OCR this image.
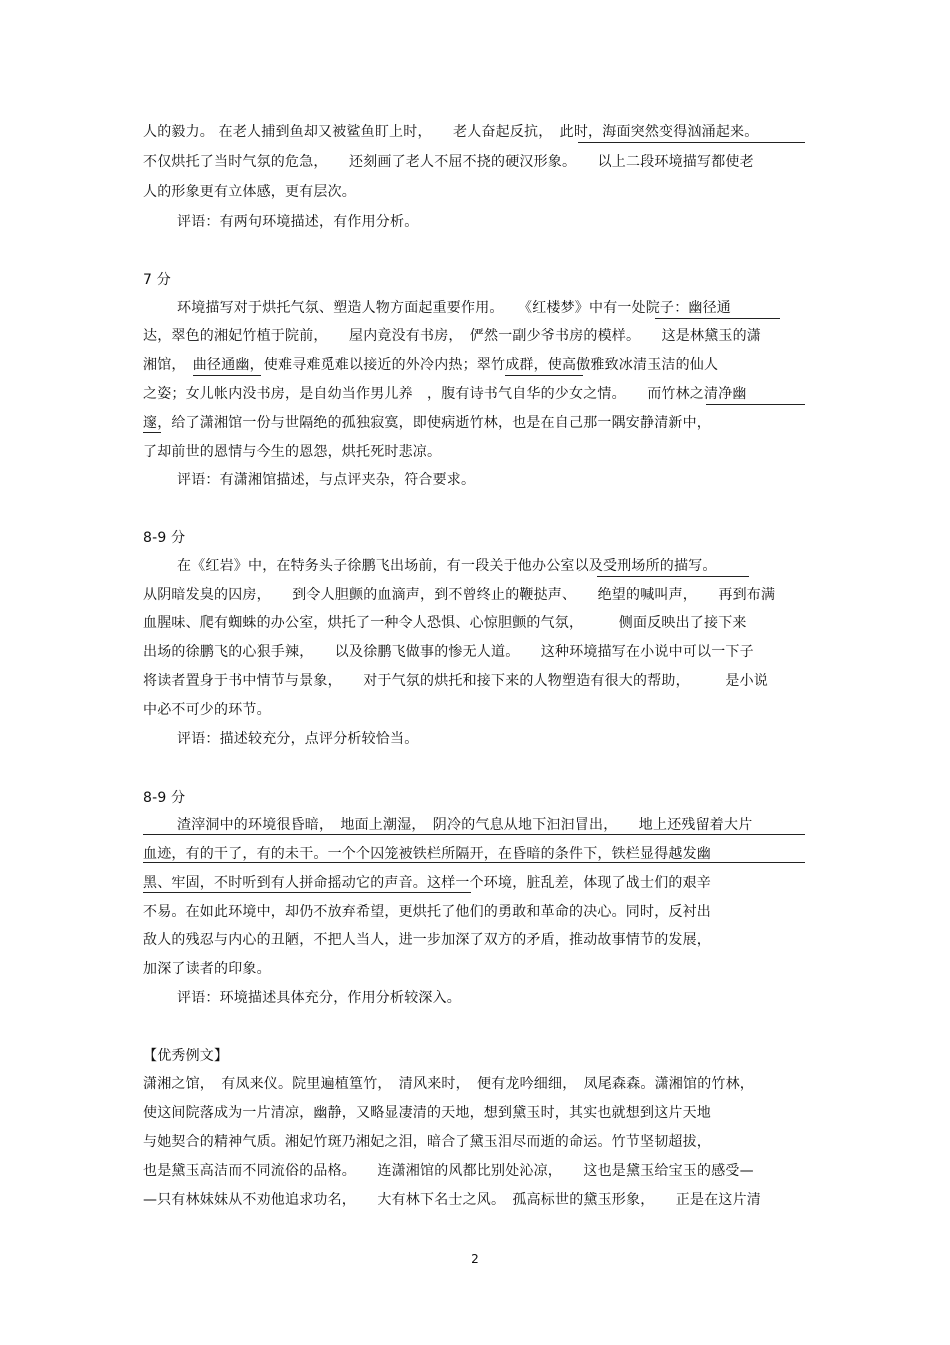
人的毅力。 在老人捕到鱼却又被鲨鱼盯上时，　　老人奋起反抗，　此时，海面突然变得汹涌起来。
不仅烘托了当时气氛的危急，　　还刻画了老人不屈不挠的硬汉形象。　　以上二段环境描写都使老
人的形象更有立体感，更有层次。
评语：有两句环境描述，有作用分析。
7 分
环境描写对于烘托气氛、塑造人物方面起重要作用。　　《红楼梦》中有一处院子：幽径通
达，翠色的湘妃竹植于院前，　　屋内竟没有书房，　俨然一副少爷书房的模样。　　这是林黛玉的潇
湘馆，　曲径通幽，使难寻难觅难以接近的外冷内热；翠竹成群，使高傲雅致冰清玉洁的仙人
之姿；女儿帐内没书房，是自幼当作男儿养　，腹有诗书气自华的少女之情。　　而竹林之清净幽
邃，给了潇湘馆一份与世隔绝的孤独寂寞，即使病逝竹林，也是在自己那一隅安静清新中，
了却前世的恩情与今生的恩怨，烘托死时悲凉。
评语：有潇湘馆描述，与点评夹杂，符合要求。
8-9 分
在《红岩》中，在特务头子徐鹏飞出场前，有一段关于他办公室以及受刑场所的描写。
从阴暗发臭的囚房，　　到令人胆颤的血滴声，到不曾终止的鞭挞声、　　绝望的喊叫声，　　再到布满
血腥味、爬有蜘蛛的办公室，烘托了一种令人恐惧、心惊胆颤的气氛，　　　侧面反映出了接下来
出场的徐鹏飞的心狠手辣，　　以及徐鹏飞做事的惨无人道。　　这种环境描写在小说中可以一下子
将读者置身于书中情节与景象，　　对于气氛的烘托和接下来的人物塑造有很大的帮助，　　　是小说
中必不可少的环节。
评语：描述较充分，点评分析较恰当。
8-9 分
渣滓洞中的环境很昏暗，　地面上潮湿，　阴冷的气息从地下汩汩冒出，　　地上还残留着大片
血迹，有的干了，有的未干。一个个囚笼被铁栏所隔开，在昏暗的条件下，铁栏显得越发幽
黑、牢固，不时听到有人拼命摇动它的声音。这样一个环境，脏乱差，体现了战士们的艰辛
不易。在如此环境中，却仍不放弃希望，更烘托了他们的勇敢和革命的决心。同时，反衬出
敌人的残忍与内心的丑陋，不把人当人，进一步加深了双方的矛盾，推动故事情节的发展，
加深了读者的印象。
评语：环境描述具体充分，作用分析较深入。
【优秀例文】
潇湘之馆，　有凤来仪。院里遍植篁竹，　清风来时，　便有龙吟细细，　凤尾森森。潇湘馆的竹林，
使这间院落成为一片清凉，幽静，又略显凄清的天地，想到黛玉时，其实也就想到这片天地
与她契合的精神气质。湘妃竹斑乃湘妃之泪，暗合了黛玉泪尽而逝的命运。竹节坚韧超拔，
也是黛玉高洁而不同流俗的品格。　　连潇湘馆的风都比别处沁凉，　　这也是黛玉给宝玉的感受—
—只有林妹妹从不劝他追求功名，　　大有林下名士之风。　孤高标世的黛玉形象，　　正是在这片清
2
